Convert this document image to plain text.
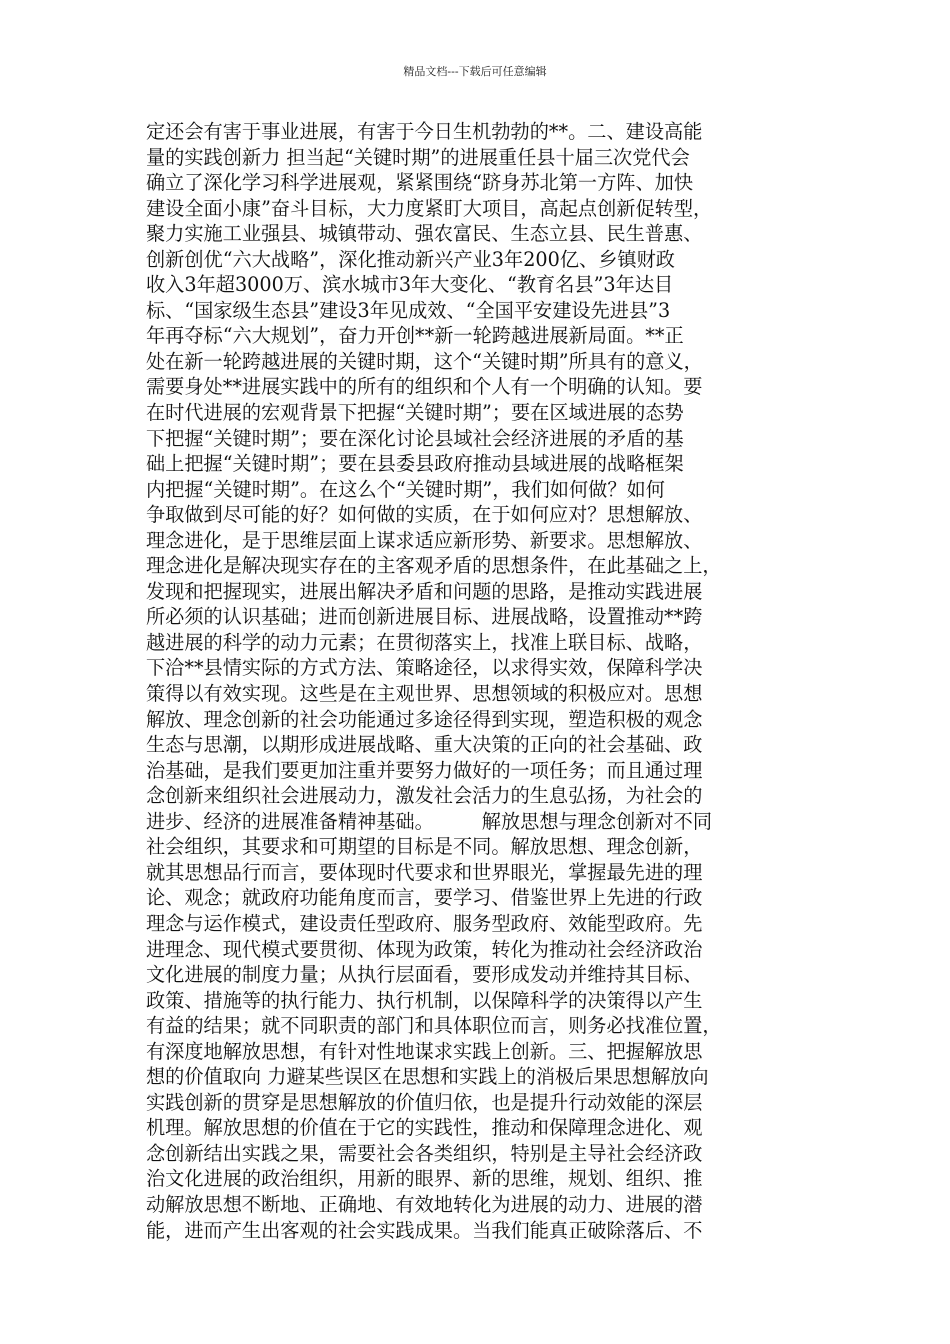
精品文档---下载后可任意编辑
定还会有害于事业进展，有害于今日生机勃勃的**。二、建设高能
量的实践创新力 担当起“关键时期”的进展重任县十届三次党代会
确立了深化学习科学进展观，紧紧围绕“跻身苏北第一方阵、加快
建设全面小康”奋斗目标，大力度紧盯大项目，高起点创新促转型，
聚力实施工业强县、城镇带动、强农富民、生态立县、民生普惠、
创新创优“六大战略”，深化推动新兴产业3年200亿、乡镇财政
收入3年超3000万、滨水城市3年大变化、“教育名县”3年达目
标、“国家级生态县”建设3年见成效、“全国平安建设先进县”3
年再夺标“六大规划”，奋力开创**新一轮跨越进展新局面。**正
处在新一轮跨越进展的关键时期，这个“关键时期”所具有的意义，
需要身处**进展实践中的所有的组织和个人有一个明确的认知。要
在时代进展的宏观背景下把握“关键时期”；要在区域进展的态势
下把握“关键时期”；要在深化讨论县域社会经济进展的矛盾的基
础上把握“关键时期”；要在县委县政府推动县域进展的战略框架
内把握“关键时期”。在这么个“关键时期”，我们如何做？如何
争取做到尽可能的好？如何做的实质，在于如何应对？思想解放、
理念进化，是于思维层面上谋求适应新形势、新要求。思想解放、
理念进化是解决现实存在的主客观矛盾的思想条件，在此基础之上，
发现和把握现实，进展出解决矛盾和问题的思路，是推动实践进展
所必须的认识基础；进而创新进展目标、进展战略，设置推动**跨
越进展的科学的动力元素；在贯彻落实上，找准上联目标、战略，
下洽**县情实际的方式方法、策略途径，以求得实效，保障科学决
策得以有效实现。这些是在主观世界、思想领域的积极应对。思想
解放、理念创新的社会功能通过多途径得到实现，塑造积极的观念
生态与思潮，以期形成进展战略、重大决策的正向的社会基础、政
治基础，是我们要更加注重并要努力做好的一项任务；而且通过理
念创新来组织社会进展动力，激发社会活力的生息弘扬，为社会的
进步、经济的进展准备精神基础。　　　解放思想与理念创新对不同
社会组织，其要求和可期望的目标是不同。解放思想、理念创新，
就其思想品行而言，要体现时代要求和世界眼光，掌握最先进的理
论、观念；就政府功能角度而言，要学习、借鉴世界上先进的行政
理念与运作模式，建设责任型政府、服务型政府、效能型政府。先
进理念、现代模式要贯彻、体现为政策，转化为推动社会经济政治
文化进展的制度力量；从执行层面看，要形成发动并维持其目标、
政策、措施等的执行能力、执行机制，以保障科学的决策得以产生
有益的结果；就不同职责的部门和具体职位而言，则务必找准位置，
有深度地解放思想，有针对性地谋求实践上创新。三、把握解放思
想的价值取向 力避某些误区在思想和实践上的消极后果思想解放向
实践创新的贯穿是思想解放的价值归依，也是提升行动效能的深层
机理。解放思想的价值在于它的实践性，推动和保障理念进化、观
念创新结出实践之果，需要社会各类组织，特别是主导社会经济政
治文化进展的政治组织，用新的眼界、新的思维，规划、组织、推
动解放思想不断地、正确地、有效地转化为进展的动力、进展的潜
能，进而产生出客观的社会实践成果。当我们能真正破除落后、不
